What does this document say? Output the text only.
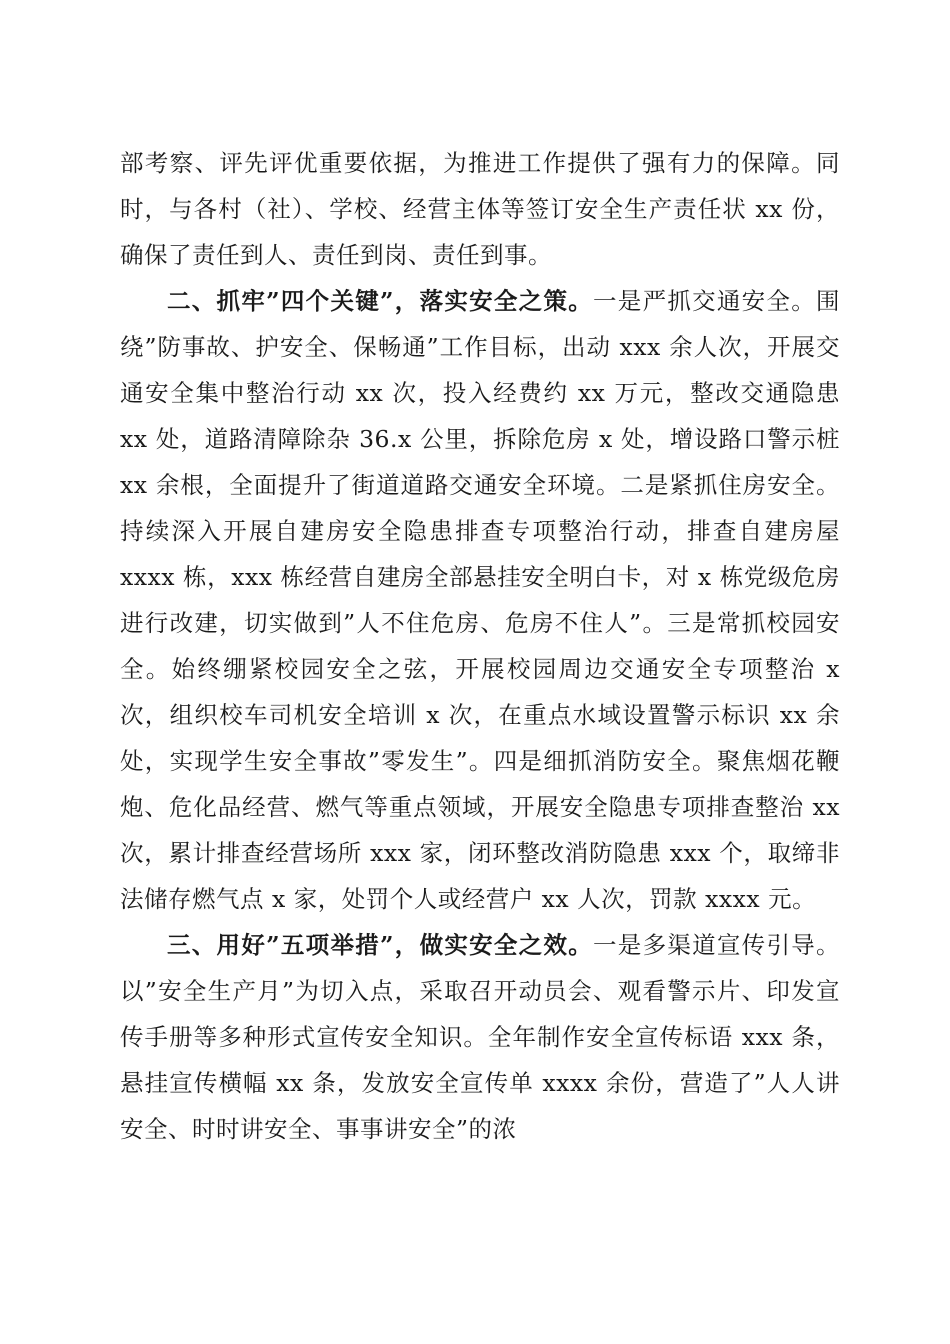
部考察、评先评优重要依据，为推进工作提供了强有力的保障。同时，与各村（社）、学校、经营主体等签订安全生产责任状 xx 份，确保了责任到人、责任到岗、责任到事。

二、抓牢”四个关键”，落实安全之策。一是严抓交通安全。围绕”防事故、护安全、保畅通”工作目标，出动 xxx 余人次，开展交通安全集中整治行动 xx 次，投入经费约 xx 万元，整改交通隐患 xx 处，道路清障除杂 36.x 公里，拆除危房 x 处，增设路口警示桩 xx 余根，全面提升了街道道路交通安全环境。二是紧抓住房安全。持续深入开展自建房安全隐患排查专项整治行动，排查自建房屋 xxxx 栋，xxx 栋经营自建房全部悬挂安全明白卡，对 x 栋党级危房进行改建，切实做到”人不住危房、危房不住人”。三是常抓校园安全。始终绷紧校园安全之弦，开展校园周边交通安全专项整治 x 次，组织校车司机安全培训 x 次，在重点水域设置警示标识 xx 余处，实现学生安全事故”零发生”。四是细抓消防安全。聚焦烟花鞭炮、危化品经营、燃气等重点领域，开展安全隐患专项排查整治 xx 次，累计排查经营场所 xxx 家，闭环整改消防隐患 xxx 个，取缔非法储存燃气点 x 家，处罚个人或经营户 xx 人次，罚款 xxxx 元。

三、用好”五项举措”，做实安全之效。一是多渠道宣传引导。以”安全生产月”为切入点，采取召开动员会、观看警示片、印发宣传手册等多种形式宣传安全知识。全年制作安全宣传标语 xxx 条，悬挂宣传横幅 xx 条，发放安全宣传单 xxxx 余份，营造了”人人讲安全、时时讲安全、事事讲安全”的浓
